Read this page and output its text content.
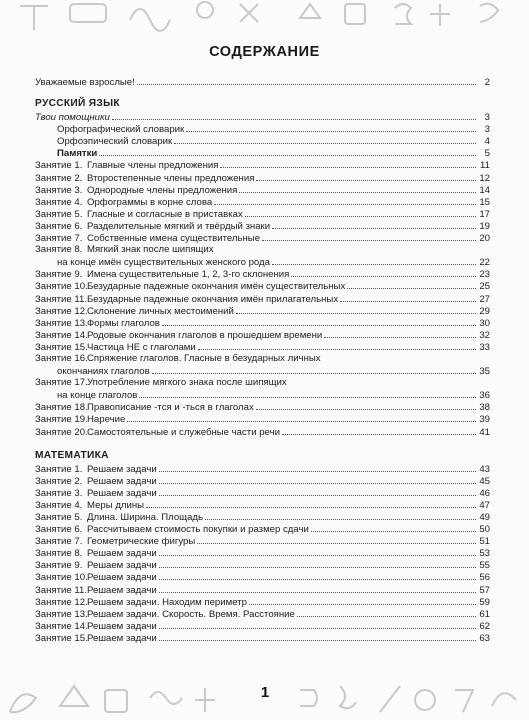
СОДЕРЖАНИЕ
Уважаемые взрослые!	2
РУССКИЙ ЯЗЫК
Твои помощники	3
Орфографический словарик	3
Орфоэпический словарик	4
Памятки	5
Занятие 1. Главные члены предложения	11
Занятие 2. Второстепенные члены предложения	12
Занятие 3. Однородные члены предложения	14
Занятие 4. Орфограммы в корне слова	15
Занятие 5. Гласные и согласные в приставках	17
Занятие 6. Разделительные мягкий и твёрдый знаки	19
Занятие 7. Собственные имена существительные	20
Занятие 8. Мягкий знак после шипящих
на конце имён существительных женского рода	22
Занятие 9. Имена существительные 1, 2, 3-го склонения	23
Занятие 10.Безударные падежные окончания имён существительных	25
Занятие 11.Безударные падежные окончания имён прилагательных	27
Занятие 12.Склонение личных местоимений	29
Занятие 13.Формы глаголов	30
Занятие 14.Родовые окончания глаголов в прошедшем времени	32
Занятие 15.Частица НЕ с глаголами	33
Занятие 16.Спряжение глаголов. Гласные в безударных личных
окончаниях глаголов	35
Занятие 17.Употребление мягкого знака после шипящих
на конце глаголов	36
Занятие 18.Правописание -тся и -ться в глаголах	38
Занятие 19.Наречие	39
Занятие 20.Самостоятельные и служебные части речи	41
МАТЕМАТИКА
Занятие 1. Решаем задачи	43
Занятие 2. Решаем задачи	45
Занятие 3. Решаем задачи	46
Занятие 4. Меры длины	47
Занятие 5. Длина. Ширина. Площадь	49
Занятие 6. Рассчитываем стоимость покупки и размер сдачи	50
Занятие 7. Геометрические фигуры	51
Занятие 8. Решаем задачи	53
Занятие 9. Решаем задачи	55
Занятие 10.Решаем задачи	56
Занятие 11.Решаем задачи	57
Занятие 12.Решаем задачи. Находим периметр	59
Занятие 13.Решаем задачи. Скорость. Время. Расстояние	61
Занятие 14.Решаем задачи	62
Занятие 15.Решаем задачи	63
1
